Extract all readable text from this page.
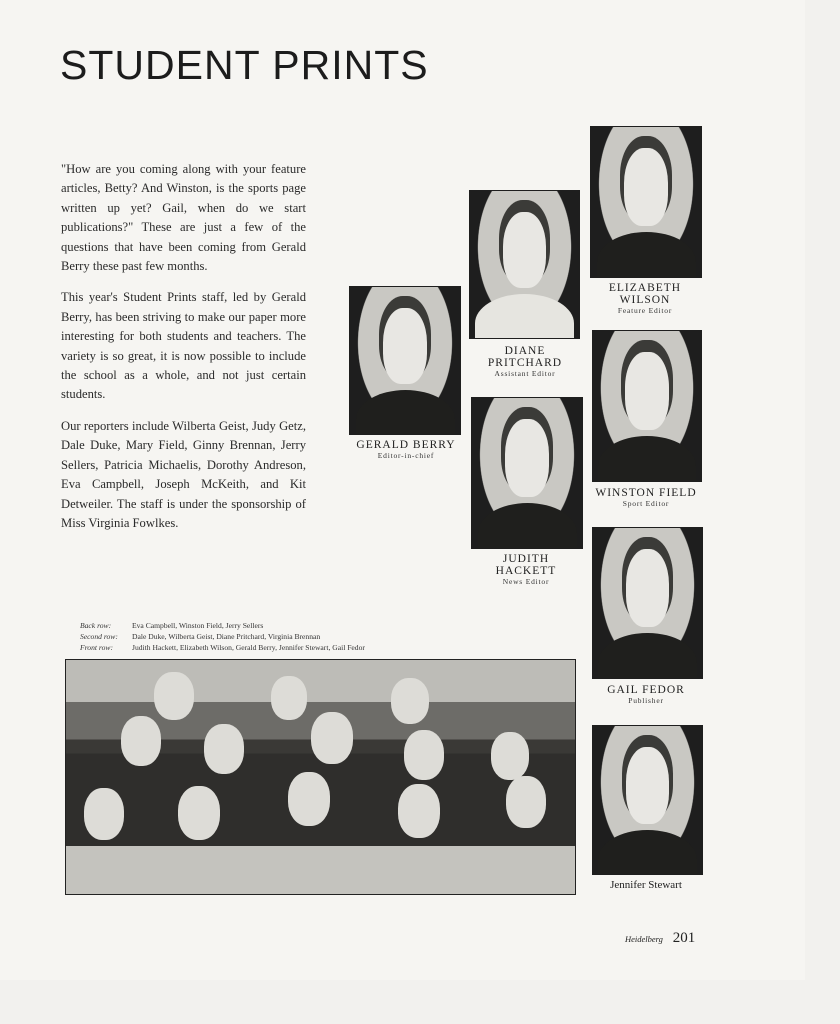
STUDENT PRINTS

"How are you coming along with your feature articles, Betty? And Winston, is the sports page written up yet? Gail, when do we start publications?" These are just a few of the questions that have been coming from Gerald Berry these past few months.

This year's Student Prints staff, led by Gerald Berry, has been striving to make our paper more interesting for both students and teachers. The variety is so great, it is now possible to include the school as a whole, and not just certain students.

Our reporters include Wilberta Geist, Judy Getz, Dale Duke, Mary Field, Ginny Brennan, Jerry Sellers, Patricia Michaelis, Dorothy Andreson, Eva Campbell, Joseph McKeith, and Kit Detweiler. The staff is under the sponsorship of Miss Virginia Fowlkes.

GERALD BERRY
Editor-in-chief
DIANE
PRITCHARD
Assistant Editor
ELIZABETH
WILSON
Feature Editor
WINSTON FIELD
Sport Editor
JUDITH
HACKETT
News Editor
GAIL FEDOR
Publisher
Jennifer Stewart
Back row:	Eva Campbell, Winston Field, Jerry Sellers
Second row: Dale Duke, Wilberta Geist, Diane Pritchard, Virginia Brennan
Front row:	Judith Hackett, Elizabeth Wilson, Gerald Berry, Jennifer Stewart, Gail Fedor
Heidelberg 201
